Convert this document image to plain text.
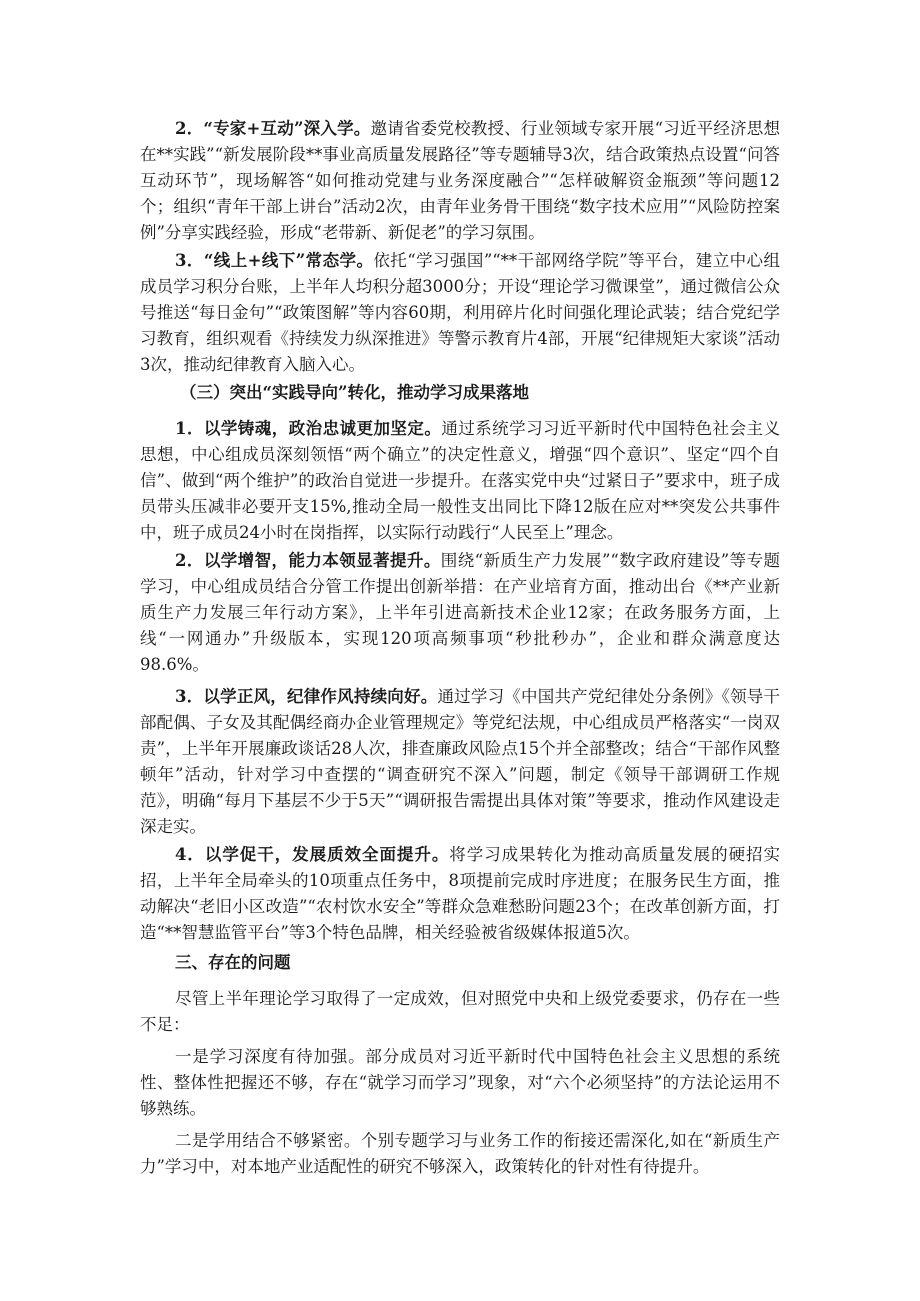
2．“专家+互动”深入学。邀请省委党校教授、行业领域专家开展“习近平经济思想在**实践”“新发展阶段**事业高质量发展路径”等专题辅导3次，结合政策热点设置“问答互动环节”，现场解答“如何推动党建与业务深度融合”“怎样破解资金瓶颈”等问题12个；组织“青年干部上讲台”活动2次，由青年业务骨干围绕“数字技术应用”“风险防控案例”分享实践经验，形成“老带新、新促老”的学习氛围。

3．“线上+线下”常态学。依托“学习强国”“**干部网络学院”等平台，建立中心组成员学习积分台账，上半年人均积分超3000分；开设“理论学习微课堂”，通过微信公众号推送“每日金句”“政策图解”等内容60期，利用碎片化时间强化理论武装；结合党纪学习教育，组织观看《持续发力纵深推进》等警示教育片4部，开展“纪律规矩大家谈”活动3次，推动纪律教育入脑入心。

（三）突出“实践导向”转化，推动学习成果落地

1．以学铸魂，政治忠诚更加坚定。通过系统学习习近平新时代中国特色社会主义思想，中心组成员深刻领悟“两个确立”的决定性意义，增强“四个意识”、坚定“四个自信”、做到“两个维护”的政治自觉进一步提升。在落实党中央“过紧日子”要求中，班子成员带头压减非必要开支15%,推动全局一般性支出同比下降12版在应对**突发公共事件中，班子成员24小时在岗指挥，以实际行动践行“人民至上”理念。

2．以学增智，能力本领显著提升。围绕“新质生产力发展”“数字政府建设”等专题学习，中心组成员结合分管工作提出创新举措：在产业培育方面，推动出台《**产业新质生产力发展三年行动方案》，上半年引进高新技术企业12家；在政务服务方面，上线“一网通办”升级版本，实现120项高频事项“秒批秒办”，企业和群众满意度达98.6%。

3．以学正风，纪律作风持续向好。通过学习《中国共产党纪律处分条例》《领导干部配偶、子女及其配偶经商办企业管理规定》等党纪法规，中心组成员严格落实“一岗双责”，上半年开展廉政谈话28人次，排查廉政风险点15个并全部整改；结合“干部作风整顿年”活动，针对学习中查摆的“调查研究不深入”问题，制定《领导干部调研工作规范》，明确“每月下基层不少于5天”“调研报告需提出具体对策”等要求，推动作风建设走深走实。

4．以学促干，发展质效全面提升。将学习成果转化为推动高质量发展的硬招实招，上半年全局牵头的10项重点任务中，8项提前完成时序进度；在服务民生方面，推动解决“老旧小区改造”“农村饮水安全”等群众急难愁盼问题23个；在改革创新方面，打造“**智慧监管平台”等3个特色品牌，相关经验被省级媒体报道5次。

三、存在的问题

尽管上半年理论学习取得了一定成效，但对照党中央和上级党委要求，仍存在一些不足：

一是学习深度有待加强。部分成员对习近平新时代中国特色社会主义思想的系统性、整体性把握还不够，存在“就学习而学习”现象，对“六个必须坚持”的方法论运用不够熟练。

二是学用结合不够紧密。个别专题学习与业务工作的衔接还需深化,如在“新质生产力”学习中，对本地产业适配性的研究不够深入，政策转化的针对性有待提升。
